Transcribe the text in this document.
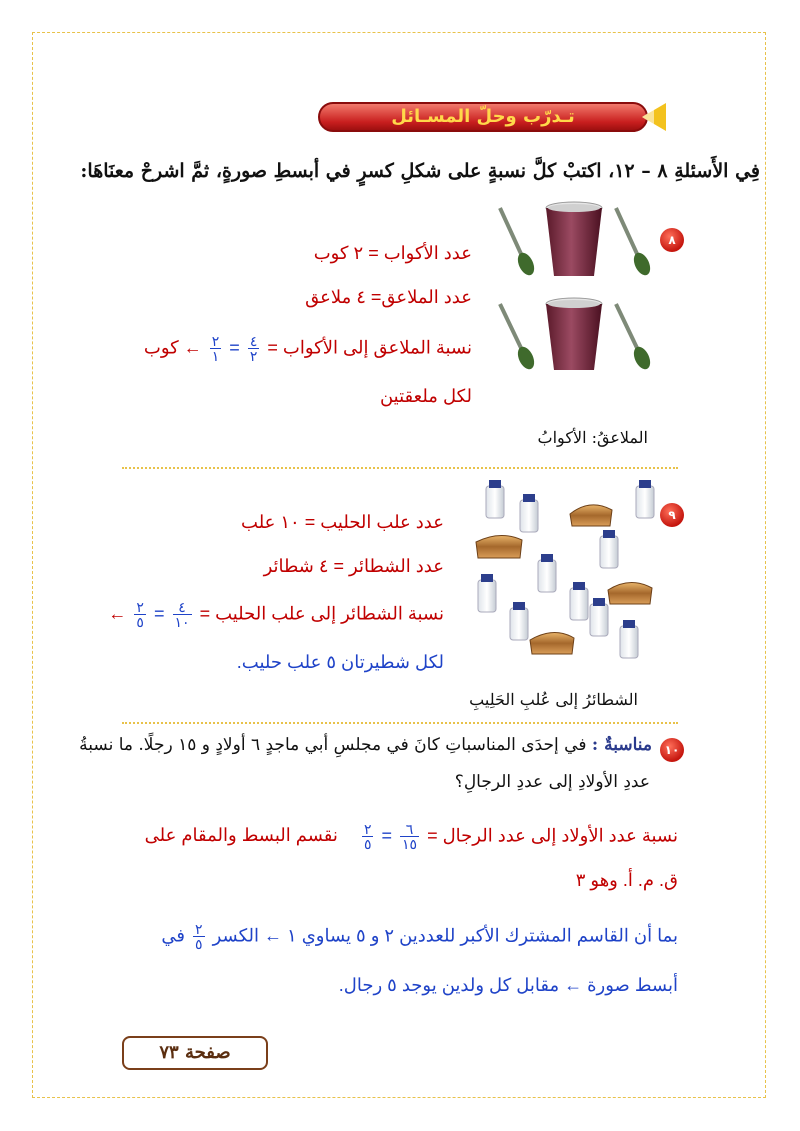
تـدرّب وحلّ المسـائل
فِي الأَسئلةِ ٨ – ١٢، اكتبْ كلَّ نسبةٍ على شكلِ كسرٍ في أبسطِ صورةٍ، ثمَّ اشرحْ معنَاهَا:
٨
عدد الأكواب = ٢ كوب
عدد الملاعق= ٤ ملاعق
نسبة الملاعق إلى الأكواب =
$\frac{٤}{٢}$
=
$\frac{٢}{١}$
← كوب
لكل ملعقتين
الملاعقُ: الأكوابُ
٩
عدد علب الحليب = ١٠ علب
عدد الشطائر = ٤ شطائر
نسبة الشطائر إلى علب الحليب =
$\frac{٤}{١٠}$
=
$\frac{٢}{٥}$
←
لكل شطيرتان ٥ علب حليب.
الشطائرُ إلى عُلبِ الحَلِيبِ
١٠
مناسبةٌ : في إحدَى المناسباتِ كانَ في مجلسِ أبي ماجدٍ ٦ أولادٍ و ١٥ رجلًا. ما نسبةُ
عددِ الأولادِ إلى عددِ الرجالِ؟
نسبة عدد الأولاد إلى عدد الرجال =
$\frac{٦}{١٥}$
=
$\frac{٢}{٥}$
نقسم البسط والمقام على
ق. م. أ. وهو ٣
بما أن القاسم المشترك الأكبر للعددين ٢ و ٥ يساوي ١ ← الكسر
$\frac{٢}{٥}$
في
أبسط صورة ← مقابل كل ولدين يوجد ٥ رجال.
صفحة ٧٣
